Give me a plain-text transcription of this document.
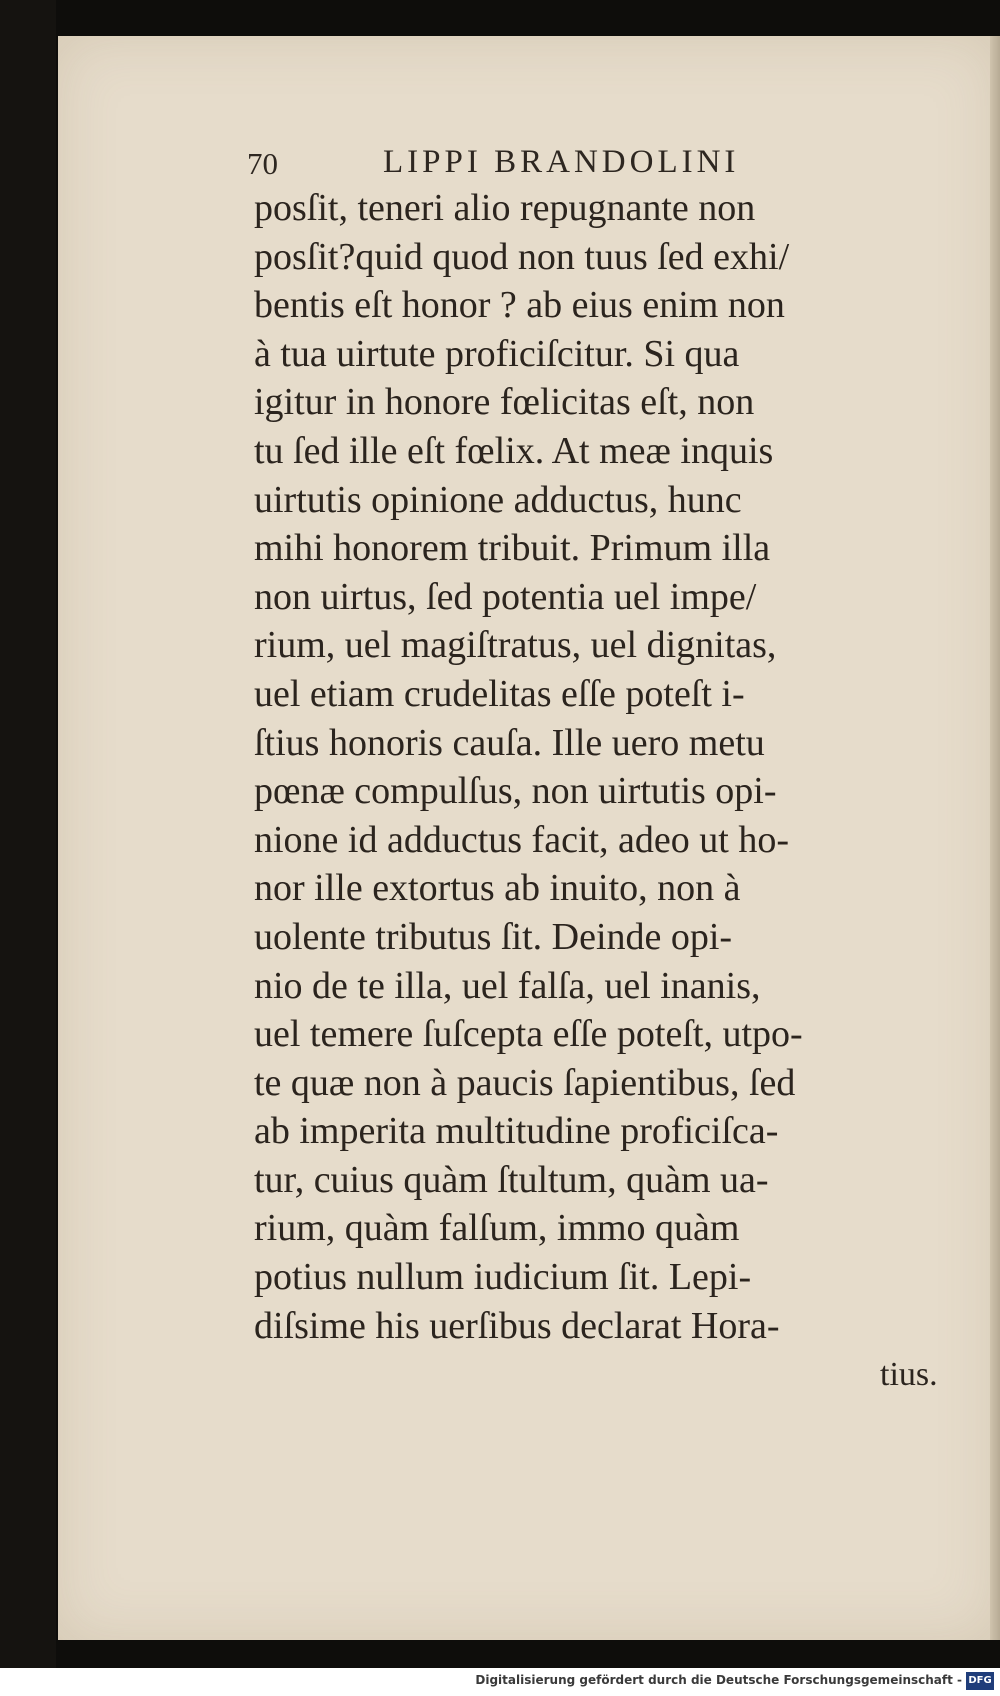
70	LIPPI BRANDOLINI
posſit, teneri alio repugnante non
posſit?quid quod non tuus ſed exhi/
bentis eſt honor ? ab eius enim non
à tua uirtute proficiſcitur. Si qua
igitur in honore fœlicitas eſt, non
tu ſed ille eſt fœlix. At meæ inquis
uirtutis opinione adductus, hunc
mihi honorem tribuit. Primum illa
non uirtus, ſed potentia uel impe/
rium, uel magiſtratus, uel dignitas,
uel etiam crudelitas eſſe poteſt i-
ſtius honoris cauſa. Ille uero metu
pœnæ compulſus, non uirtutis opi-
nione id adductus facit, adeo ut ho-
nor ille extortus ab inuito, non à
uolente tributus ſit. Deinde opi-
nio de te illa, uel falſa, uel inanis,
uel temere ſuſcepta eſſe poteſt, utpo-
te quæ non à paucis ſapientibus, ſed
ab imperita multitudine proficiſca-
tur, cuius quàm ſtultum, quàm ua-
rium, quàm falſum, immo quàm
potius nullum iudicium ſit. Lepi-
diſsime his uerſibus declarat Hora-
tius.
Digitalisierung gefördert durch die Deutsche Forschungsgemeinschaft - DFG
